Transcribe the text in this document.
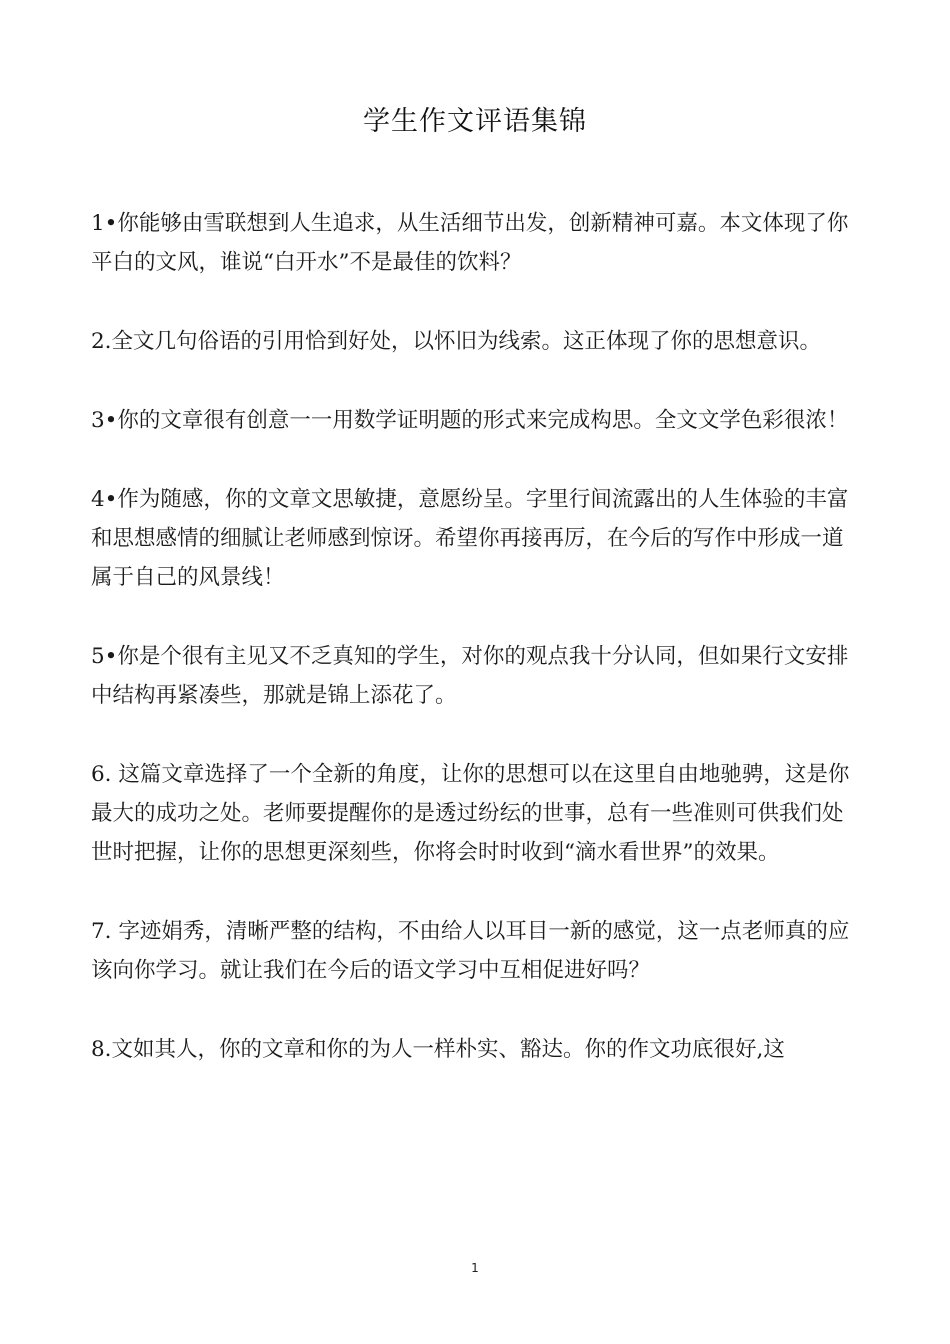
学生作文评语集锦

1•你能够由雪联想到人生追求，从生活细节出发，创新精神可嘉。本文体现了你平白的文风，谁说“白开水”不是最佳的饮料？

2.全文几句俗语的引用恰到好处，以怀旧为线索。这正体现了你的思想意识。

3•你的文章很有创意一一用数学证明题的形式来完成构思。全文文学色彩很浓！

4•作为随感，你的文章文思敏捷，意愿纷呈。字里行间流露出的人生体验的丰富和思想感情的细腻让老师感到惊讶。希望你再接再厉，在今后的写作中形成一道属于自己的风景线！

5•你是个很有主见又不乏真知的学生，对你的观点我十分认同，但如果行文安排中结构再紧凑些，那就是锦上添花了。

6. 这篇文章选择了一个全新的角度，让你的思想可以在这里自由地驰骋，这是你最大的成功之处。老师要提醒你的是透过纷纭的世事，总有一些准则可供我们处世时把握，让你的思想更深刻些，你将会时时收到“滴水看世界”的效果。

7. 字迹娟秀，清晰严整的结构，不由给人以耳目一新的感觉，这一点老师真的应该向你学习。就让我们在今后的语文学习中互相促进好吗？

8.文如其人，你的文章和你的为人一样朴实、豁达。你的作文功底很好,这

1
